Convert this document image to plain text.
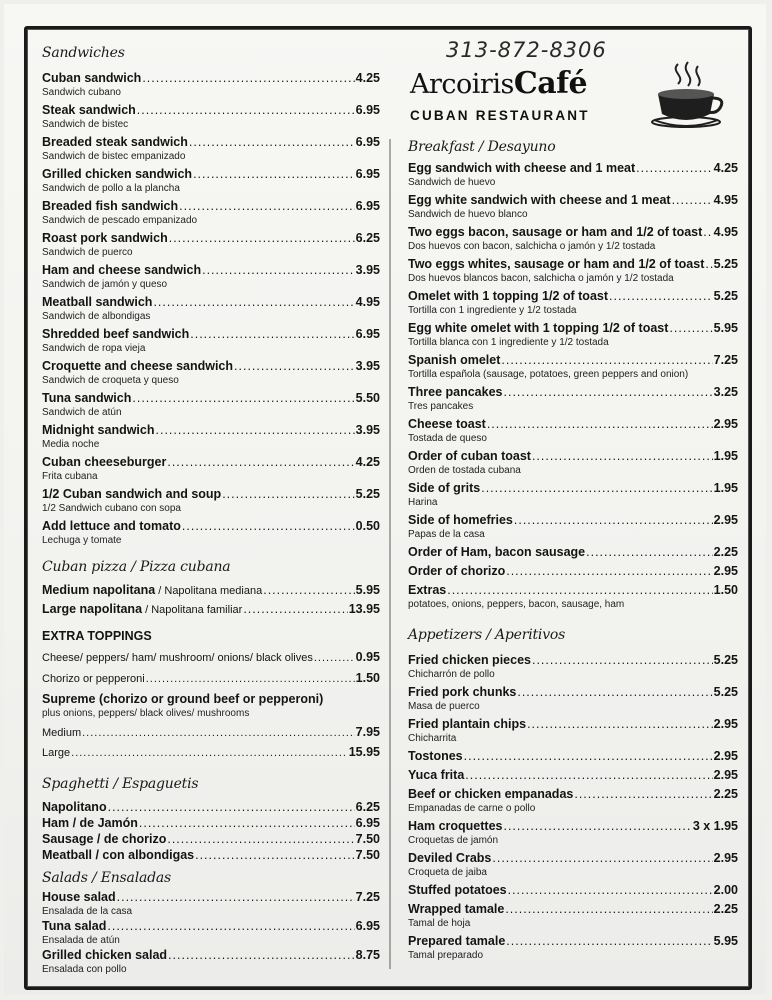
313-872-8306
ArcoirisCafé
CUBAN RESTAURANT

Sandwiches

Cuban sandwich .....	4.25
Sandwich cubano
Steak sandwich .....	6.95
Sandwich de bistec
Breaded steak sandwich .....	6.95
Sandwich de bistec empanizado
Grilled chicken sandwich .....	6.95
Sandwich de pollo a la plancha
Breaded fish sandwich .....	6.95
Sandwich de pescado empanizado
Roast pork sandwich .....	6.25
Sandwich de puerco
Ham and cheese sandwich .....	3.95
Sandwich de jamón y queso
Meatball sandwich .....	4.95
Sandwich de albondigas
Shredded beef sandwich .....	6.95
Sandwich de ropa vieja
Croquette and cheese sandwich .....	3.95
Sandwich de croqueta y queso
Tuna sandwich .....	5.50
Sandwich de atún
Midnight sandwich .....	3.95
Media noche
Cuban cheeseburger .....	4.25
Frita cubana
1/2 Cuban sandwich and soup .....	5.25
1/2 Sandwich cubano con sopa
Add lettuce and tomato .....	0.50
Lechuga y tomate

Cuban pizza / Pizza cubana

Medium napolitana / Napolitana mediana .....	5.95
Large napolitana / Napolitana familiar .....	13.95
EXTRA TOPPINGS
Cheese/ peppers/ ham/ mushroom/ onions/ black olives .....	0.95
Chorizo or pepperoni .....	1.50
Supreme (chorizo or ground beef or pepperoni)
plus onions, peppers/ black olives/ mushrooms
Medium .....	7.95
Large .....	15.95

Spaghetti / Espaguetis

Napolitano .....	6.25
Ham / de Jamón .....	6.95
Sausage / de chorizo .....	7.50
Meatball / con albondigas .....	7.50

Salads / Ensaladas

House salad .....	7.25
Ensalada de la casa
Tuna salad .....	6.95
Ensalada de atún
Grilled chicken salad .....	8.75
Ensalada con pollo

Breakfast / Desayuno

Egg sandwich with cheese and 1 meat .....	4.25
Sandwich de huevo
Egg white sandwich with cheese and 1 meat .....	4.95
Sandwich de huevo blanco
Two eggs bacon, sausage or ham and 1/2 of toast ..... 4.95
Dos huevos con bacon, salchicha o jamón y 1/2 tostada
Two eggs whites, sausage or ham and 1/2 of toast ..... 5.25
Dos huevos blancos bacon, salchicha o jamón y 1/2 tostada
Omelet with 1 topping 1/2 of toast .....	5.25
Tortilla con 1 ingrediente y 1/2 tostada
Egg white omelet with 1 topping 1/2 of toast .....	5.95
Tortilla blanca con 1 ingrediente y 1/2 tostada
Spanish omelet .....	7.25
Tortilla española (sausage, potatoes, green peppers and onion)
Three pancakes .....	3.25
Tres pancakes
Cheese toast .....	2.95
Tostada de queso
Order of cuban toast .....	1.95
Orden de tostada cubana
Side of grits .....	1.95
Harina
Side of homefries .....	2.95
Papas de la casa
Order of Ham, bacon sausage .....	2.25
Order of chorizo .....	2.95
Extras .....	1.50
potatoes, onions, peppers, bacon, sausage, ham

Appetizers / Aperitivos

Fried chicken pieces .....	5.25
Chicharrón de pollo
Fried pork chunks .....	5.25
Masa de puerco
Fried plantain chips .....	2.95
Chicharrita
Tostones .....	2.95
Yuca frita .....	2.95
Beef or chicken empanadas .....	2.25
Empanadas de carne o pollo
Ham croquettes .....	3 x 1.95
Croquetas de jamón
Deviled Crabs .....	2.95
Croqueta de jaiba
Stuffed potatoes .....	2.00
Wrapped tamale .....	2.25
Tamal de hoja
Prepared tamale .....	5.95
Tamal preparado
